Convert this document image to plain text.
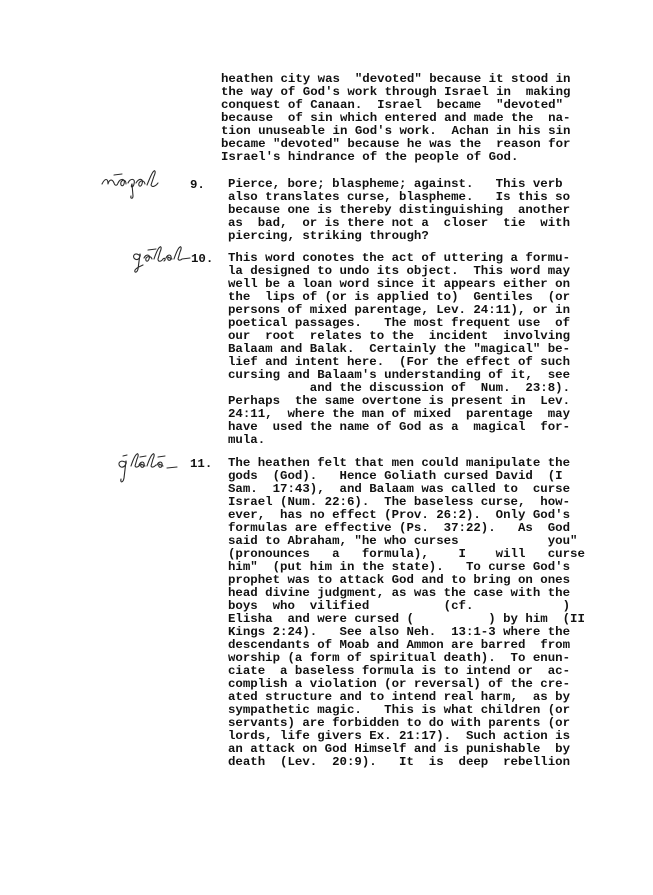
heathen city was  "devoted" because it stood in
the way of God's work through Israel in  making
conquest of Canaan.  Israel  became  "devoted"
because  of sin which entered and made the  na-
tion unuseable in God's work.  Achan in his sin
became "devoted" because he was the  reason for
Israel's hindrance of the people of God.
9. Pierce, bore; blaspheme; against.   This verb
also translates curse, blaspheme.   Is this so
because one is thereby distinguishing  another
as  bad,  or is there not a  closer  tie  with
piercing, striking through?
10. This word conotes the act of uttering a formu-
la designed to undo its object.  This word may
well be a loan word since it appears either on
the  lips of (or is applied to)  Gentiles  (or
persons of mixed parentage, Lev. 24:11), or in
poetical passages.   The most frequent use  of
our  root  relates to the  incident  involving
Balaam and Balak.  Certainly the "magical" be-
lief and intent here.  (For the effect of such
cursing and Balaam's understanding of it,  see
and the discussion of  Num.  23:8).
Perhaps  the same overtone is present in  Lev.
24:11,  where the man of mixed  parentage  may
have  used the name of God as a  magical  for-
mula.
11. The heathen felt that men could manipulate the
gods  (God).   Hence Goliath cursed David  (I
Sam.  17:43),  and Balaam was called to  curse
Israel (Num. 22:6).  The baseless curse,  how-
ever,  has no effect (Prov. 26:2).  Only God's
formulas are effective (Ps.  37:22).   As  God
said to Abraham, "he who curses            you"
(pronounces   a   formula),    I    will   curse
him"  (put him in the state).   To curse God's
prophet was to attack God and to bring on ones
head divine judgment, as was the case with the
boys  who  vilified          (cf.            )
Elisha  and were cursed (          ) by him  (II
Kings 2:24).   See also Neh.  13:1-3 where the
descendants of Moab and Ammon are barred  from
worship (a form of spiritual death).  To enun-
ciate  a baseless formula is to intend or  ac-
complish a violation (or reversal) of the cre-
ated structure and to intend real harm,  as by
sympathetic magic.   This is what children (or
servants) are forbidden to do with parents (or
lords, life givers Ex. 21:17).  Such action is
an attack on God Himself and is punishable  by
death  (Lev.  20:9).   It  is  deep  rebellion
